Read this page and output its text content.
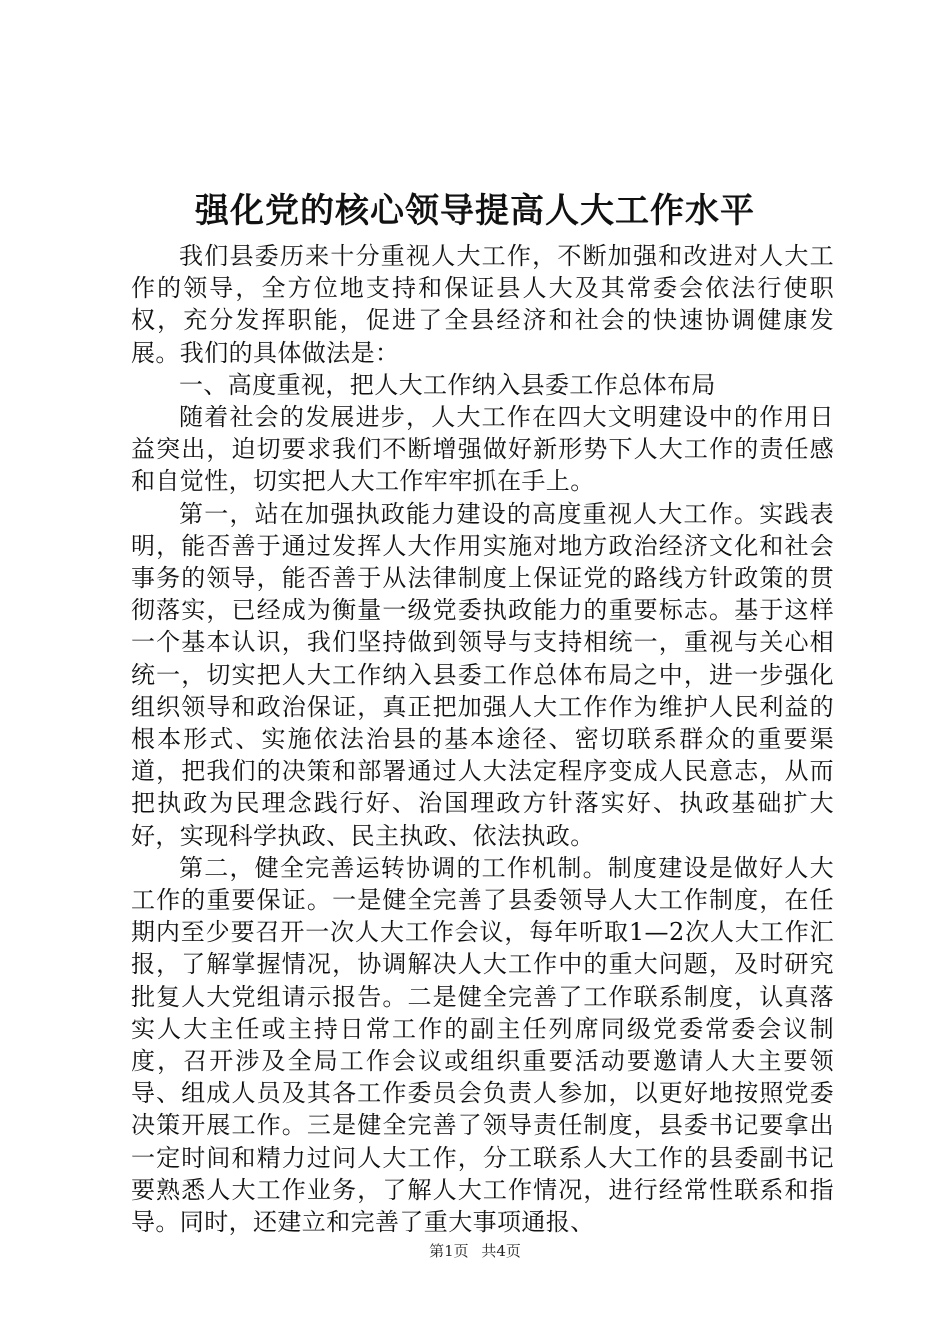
强化党的核心领导提高人大工作水平

我们县委历来十分重视人大工作，不断加强和改进对人大工作的领导，全方位地支持和保证县人大及其常委会依法行使职权，充分发挥职能，促进了全县经济和社会的快速协调健康发展。我们的具体做法是：

一、高度重视，把人大工作纳入县委工作总体布局

随着社会的发展进步，人大工作在四大文明建设中的作用日益突出，迫切要求我们不断增强做好新形势下人大工作的责任感和自觉性，切实把人大工作牢牢抓在手上。

第一，站在加强执政能力建设的高度重视人大工作。实践表明，能否善于通过发挥人大作用实施对地方政治经济文化和社会事务的领导，能否善于从法律制度上保证党的路线方针政策的贯彻落实，已经成为衡量一级党委执政能力的重要标志。基于这样一个基本认识，我们坚持做到领导与支持相统一，重视与关心相统一，切实把人大工作纳入县委工作总体布局之中，进一步强化组织领导和政治保证，真正把加强人大工作作为维护人民利益的根本形式、实施依法治县的基本途径、密切联系群众的重要渠道，把我们的决策和部署通过人大法定程序变成人民意志，从而把执政为民理念践行好、治国理政方针落实好、执政基础扩大好，实现科学执政、民主执政、依法执政。

第二，健全完善运转协调的工作机制。制度建设是做好人大工作的重要保证。一是健全完善了县委领导人大工作制度，在任期内至少要召开一次人大工作会议，每年听取1—2次人大工作汇报，了解掌握情况，协调解决人大工作中的重大问题，及时研究批复人大党组请示报告。二是健全完善了工作联系制度，认真落实人大主任或主持日常工作的副主任列席同级党委常委会议制度，召开涉及全局工作会议或组织重要活动要邀请人大主要领导、组成人员及其各工作委员会负责人参加，以更好地按照党委决策开展工作。三是健全完善了领导责任制度，县委书记要拿出一定时间和精力过问人大工作，分工联系人大工作的县委副书记要熟悉人大工作业务，了解人大工作情况，进行经常性联系和指导。同时，还建立和完善了重大事项通报、

第1页 共4页
